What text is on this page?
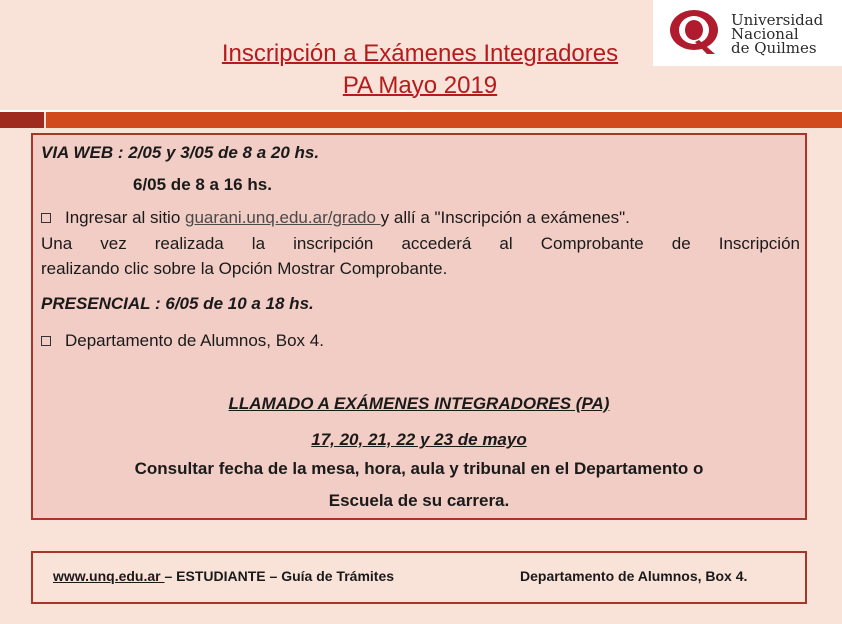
Inscripción a Exámenes Integradores
PA Mayo 2019
Universidad
Nacional
de Quilmes
VIA WEB : 2/05 y 3/05 de 8 a 20 hs.
6/05 de 8 a 16 hs.
Ingresar al sitio guarani.unq.edu.ar/grado y allí a "Inscripción a exámenes".
Una vez realizada la inscripción accederá al Comprobante de Inscripción
realizando clic sobre la Opción Mostrar Comprobante.
PRESENCIAL : 6/05 de 10 a 18 hs.
Departamento de Alumnos, Box 4.
LLAMADO A EXÁMENES INTEGRADORES (PA)
17, 20, 21, 22 y 23 de mayo
Consultar fecha de la mesa, hora, aula y tribunal en el Departamento o
Escuela de su carrera.
www.unq.edu.ar – ESTUDIANTE – Guía de Trámites	Departamento de Alumnos, Box 4.
